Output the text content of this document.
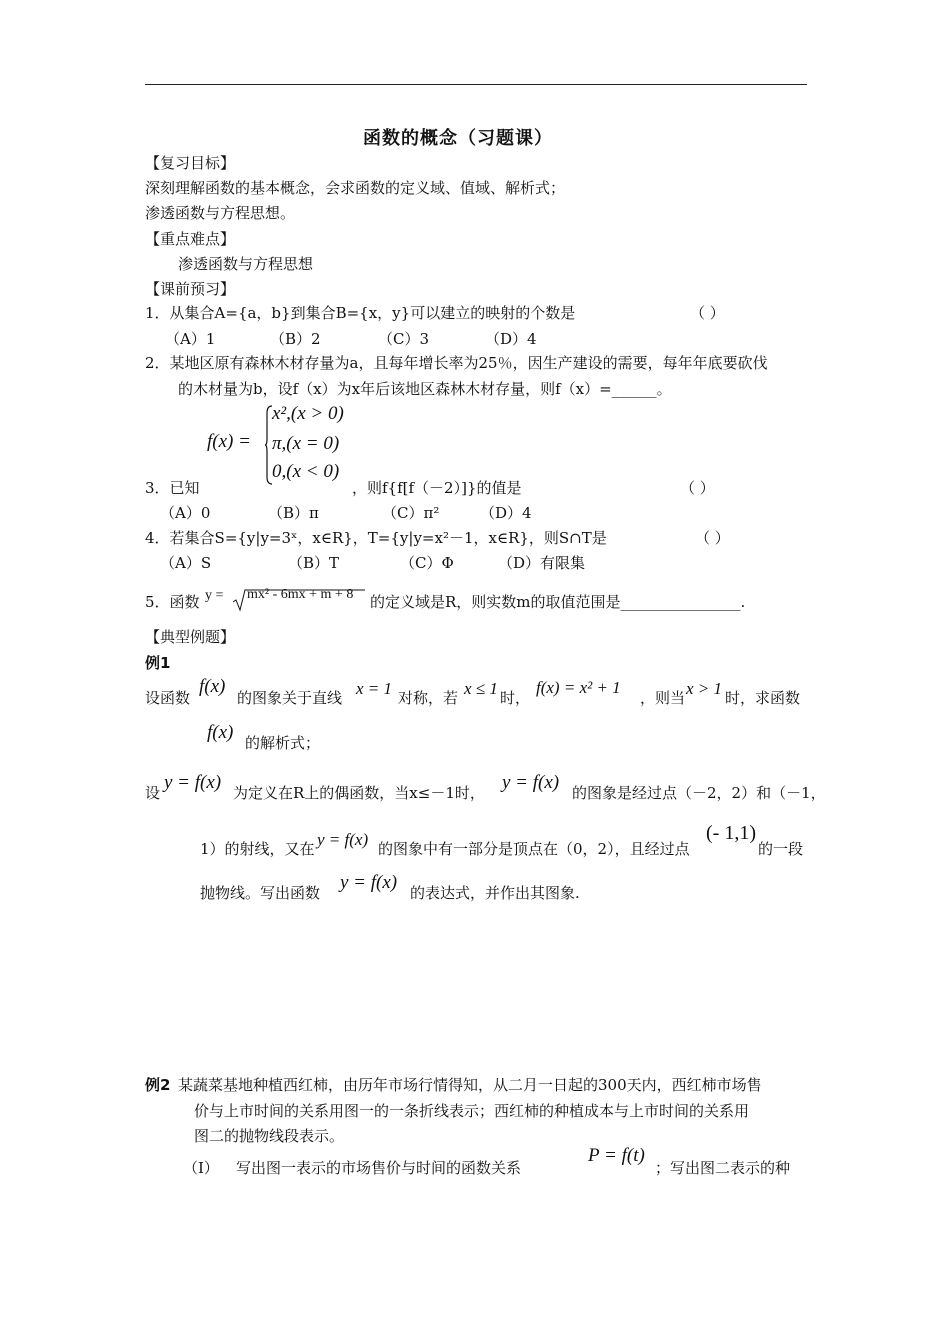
函数的概念（习题课）
【复习目标】
深刻理解函数的基本概念，会求函数的定义域、值域、解析式；
渗透函数与方程思想。
【重点难点】
渗透函数与方程思想
【课前预习】
1．从集合A={a，b}到集合B={x，y}可以建立的映射的个数是	（ ）
（A）1	（B）2	（C）3	（D）4
2．某地区原有森林木材存量为a，且每年增长率为25％，因生产建设的需要，每年年底要砍伐
的木材量为b，设f（x）为x年后该地区森林木材存量，则f（x）=______。
f(x) =
x²,(x > 0)
π,(x = 0)
0,(x < 0)
3．已知	，则f{f[f（－2）]}的值是	（ ）
（A）0	（B）π	（C）π²	（D）4
4．若集合S={y|y=3ˣ，x∈R}，T={y|y=x²－1，x∈R}，则S∩T是	（ ）
（A）S	（B）T	（C）Φ	（D）有限集
5．函数 y = mx² - 6mx + m + 8 的定义域是R，则实数m的取值范围是________________.
【典型例题】
例1
设函数
f(x)
的图象关于直线 x = 1 对称，若 x ≤ 1 时，
f(x) = x² + 1
，则当 x > 1 时，求函数
f(x) 的解析式；
设 y = f(x) 为定义在R上的偶函数，当x≤－1时， y = f(x) 的图象是经过点（－2，2）和（－1，
1）的射线，又在 y = f(x) 的图象中有一部分是顶点在（0，2），且经过点
(- 1,1)
的一段
抛物线。写出函数 y = f(x) 的表达式，并作出其图象.
例2 某蔬菜基地种植西红柿，由历年市场行情得知，从二月一日起的300天内，西红柿市场售
价与上市时间的关系用图一的一条折线表示；西红柿的种植成本与上市时间的关系用
图二的抛物线段表示。
（I） 写出图一表示的市场售价与时间的函数关系
P = f(t)
；写出图二表示的种
